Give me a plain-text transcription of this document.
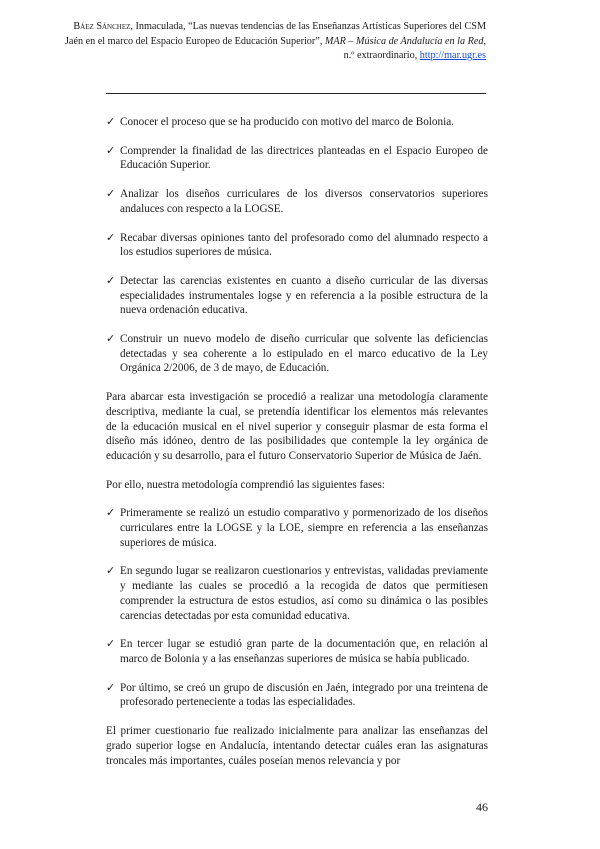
Báez Sánchez, Inmaculada, “Las nuevas tendencias de las Enseñanzas Artísticas Superiores del CSM Jaén en el marco del Espacio Europeo de Educación Superior”, MAR – Música de Andalucía en la Red, n.º extraordinario, http://mar.ugr.es
✓ Conocer el proceso que se ha producido con motivo del marco de Bolonia.
✓ Comprender la finalidad de las directrices planteadas en el Espacio Europeo de Educación Superior.
✓ Analizar los diseños curriculares de los diversos conservatorios superiores andaluces con respecto a la LOGSE.
✓ Recabar diversas opiniones tanto del profesorado como del alumnado respecto a los estudios superiores de música.
✓ Detectar las carencias existentes en cuanto a diseño curricular de las diversas especialidades instrumentales logse y en referencia a la posible estructura de la nueva ordenación educativa.
✓ Construir un nuevo modelo de diseño curricular que solvente las deficiencias detectadas y sea coherente a lo estipulado en el marco educativo de la Ley Orgánica 2/2006, de 3 de mayo, de Educación.

Para abarcar esta investigación se procedió a realizar una metodología claramente descriptiva, mediante la cual, se pretendía identificar los elementos más relevantes de la educación musical en el nivel superior y conseguir plasmar de esta forma el diseño más idóneo, dentro de las posibilidades que contemple la ley orgánica de educación y su desarrollo, para el futuro Conservatorio Superior de Música de Jaén.

Por ello, nuestra metodología comprendió las siguientes fases:

✓ Primeramente se realizó un estudio comparativo y pormenorizado de los diseños curriculares entre la LOGSE y la LOE, siempre en referencia a las enseñanzas superiores de música.
✓ En segundo lugar se realizaron cuestionarios y entrevistas, validadas previamente y mediante las cuales se procedió a la recogida de datos que permitiesen comprender la estructura de estos estudios, así como su dinámica o las posibles carencias detectadas por esta comunidad educativa.
✓ En tercer lugar se estudió gran parte de la documentación que, en relación al marco de Bolonia y a las enseñanzas superiores de música se había publicado.
✓ Por último, se creó un grupo de discusión en Jaén, integrado por una treintena de profesorado perteneciente a todas las especialidades.

El primer cuestionario fue realizado inicialmente para analizar las enseñanzas del grado superior logse en Andalucía, intentando detectar cuáles eran las asignaturas troncales más importantes, cuáles poseían menos relevancia y por

46
